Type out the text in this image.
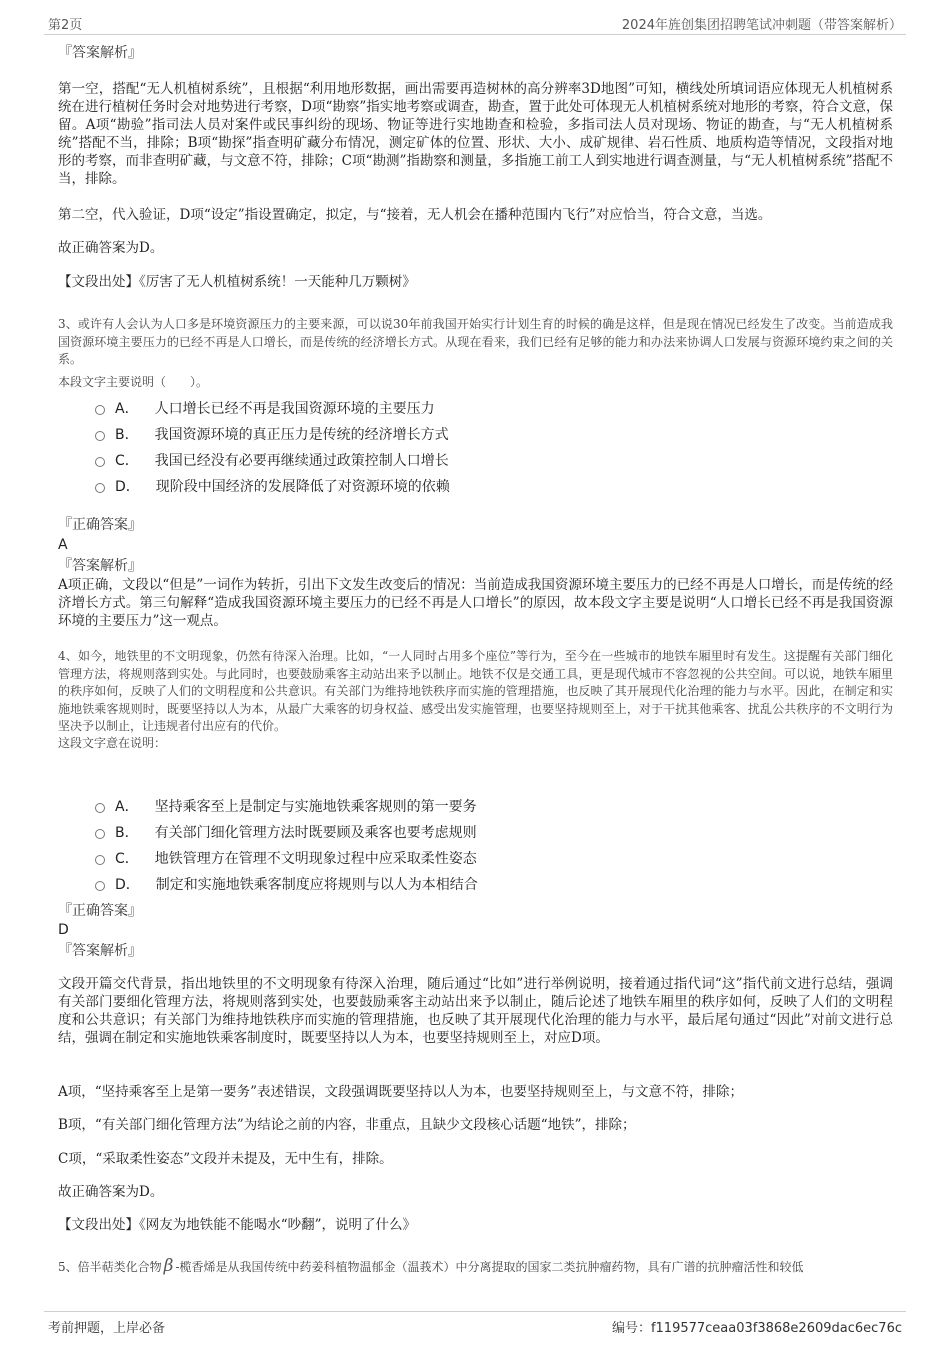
第2页	2024年旌创集团招聘笔试冲刺题（带答案解析）
『答案解析』
第一空，搭配“无人机植树系统”，且根据“利用地形数据，画出需要再造树林的高分辨率3D地图”可知，横线处所填词语应体现无人机植树系统在进行植树任务时会对地势进行考察，D项“勘察”指实地考察或调查，勘查，置于此处可体现无人机植树系统对地形的考察，符合文意，保留。A项“勘验”指司法人员对案件或民事纠纷的现场、物证等进行实地勘查和检验，多指司法人员对现场、物证的勘查，与“无人机植树系统”搭配不当，排除；B项“勘探”指查明矿藏分布情况，测定矿体的位置、形状、大小、成矿规律、岩石性质、地质构造等情况，文段指对地形的考察，而非查明矿藏，与文意不符，排除；C项“勘测”指勘察和测量，多指施工前工人到实地进行调查测量，与“无人机植树系统”搭配不当，排除。
第二空，代入验证，D项“设定”指设置确定，拟定，与“接着，无人机会在播种范围内飞行”对应恰当，符合文意，当选。
故正确答案为D。
【文段出处】《厉害了无人机植树系统！一天能种几万颗树》
3、或许有人会认为人口多是环境资源压力的主要来源，可以说30年前我国开始实行计划生育的时候的确是这样，但是现在情况已经发生了改变。当前造成我国资源环境主要压力的已经不再是人口增长，而是传统的经济增长方式。从现在看来，我们已经有足够的能力和办法来协调人口发展与资源环境约束之间的关系。
本段文字主要说明（　　）。
A． 人口增长已经不再是我国资源环境的主要压力
B． 我国资源环境的真正压力是传统的经济增长方式
C． 我国已经没有必要再继续通过政策控制人口增长
D． 现阶段中国经济的发展降低了对资源环境的依赖
『正确答案』
A
『答案解析』
A项正确，文段以“但是”一词作为转折，引出下文发生改变后的情况：当前造成我国资源环境主要压力的已经不再是人口增长，而是传统的经济增长方式。第三句解释“造成我国资源环境主要压力的已经不再是人口增长”的原因，故本段文字主要是说明“人口增长已经不再是我国资源环境的主要压力”这一观点。
4、如今，地铁里的不文明现象，仍然有待深入治理。比如，“一人同时占用多个座位”等行为，至今在一些城市的地铁车厢里时有发生。这提醒有关部门细化管理方法，将规则落到实处。与此同时，也要鼓励乘客主动站出来予以制止。地铁不仅是交通工具，更是现代城市不容忽视的公共空间。可以说，地铁车厢里的秩序如何，反映了人们的文明程度和公共意识。有关部门为维持地铁秩序而实施的管理措施，也反映了其开展现代化治理的能力与水平。因此，在制定和实施地铁乘客规则时，既要坚持以人为本，从最广大乘客的切身权益、感受出发实施管理，也要坚持规则至上，对于干扰其他乘客、扰乱公共秩序的不文明行为坚决予以制止，让违规者付出应有的代价。
这段文字意在说明：
A． 坚持乘客至上是制定与实施地铁乘客规则的第一要务
B． 有关部门细化管理方法时既要顾及乘客也要考虑规则
C． 地铁管理方在管理不文明现象过程中应采取柔性姿态
D． 制定和实施地铁乘客制度应将规则与以人为本相结合
『正确答案』
D
『答案解析』
文段开篇交代背景，指出地铁里的不文明现象有待深入治理，随后通过“比如”进行举例说明，接着通过指代词“这”指代前文进行总结，强调有关部门要细化管理方法，将规则落到实处，也要鼓励乘客主动站出来予以制止，随后论述了地铁车厢里的秩序如何，反映了人们的文明程度和公共意识；有关部门为维持地铁秩序而实施的管理措施，也反映了其开展现代化治理的能力与水平，最后尾句通过“因此”对前文进行总结，强调在制定和实施地铁乘客制度时，既要坚持以人为本，也要坚持规则至上，对应D项。
A项，“坚持乘客至上是第一要务”表述错误，文段强调既要坚持以人为本，也要坚持规则至上，与文意不符，排除；
B项，“有关部门细化管理方法”为结论之前的内容，非重点，且缺少文段核心话题“地铁”，排除；
C项，“采取柔性姿态”文段并未提及，无中生有，排除。
故正确答案为D。
【文段出处】《网友为地铁能不能喝水“吵翻”，说明了什么》
5、倍半萜类化合物 β -榄香烯是从我国传统中药姜科植物温郁金（温莪术）中分离提取的国家二类抗肿瘤药物，具有广谱的抗肿瘤活性和较低
考前押题，上岸必备	编号：f119577ceaa03f3868e2609dac6ec76c
